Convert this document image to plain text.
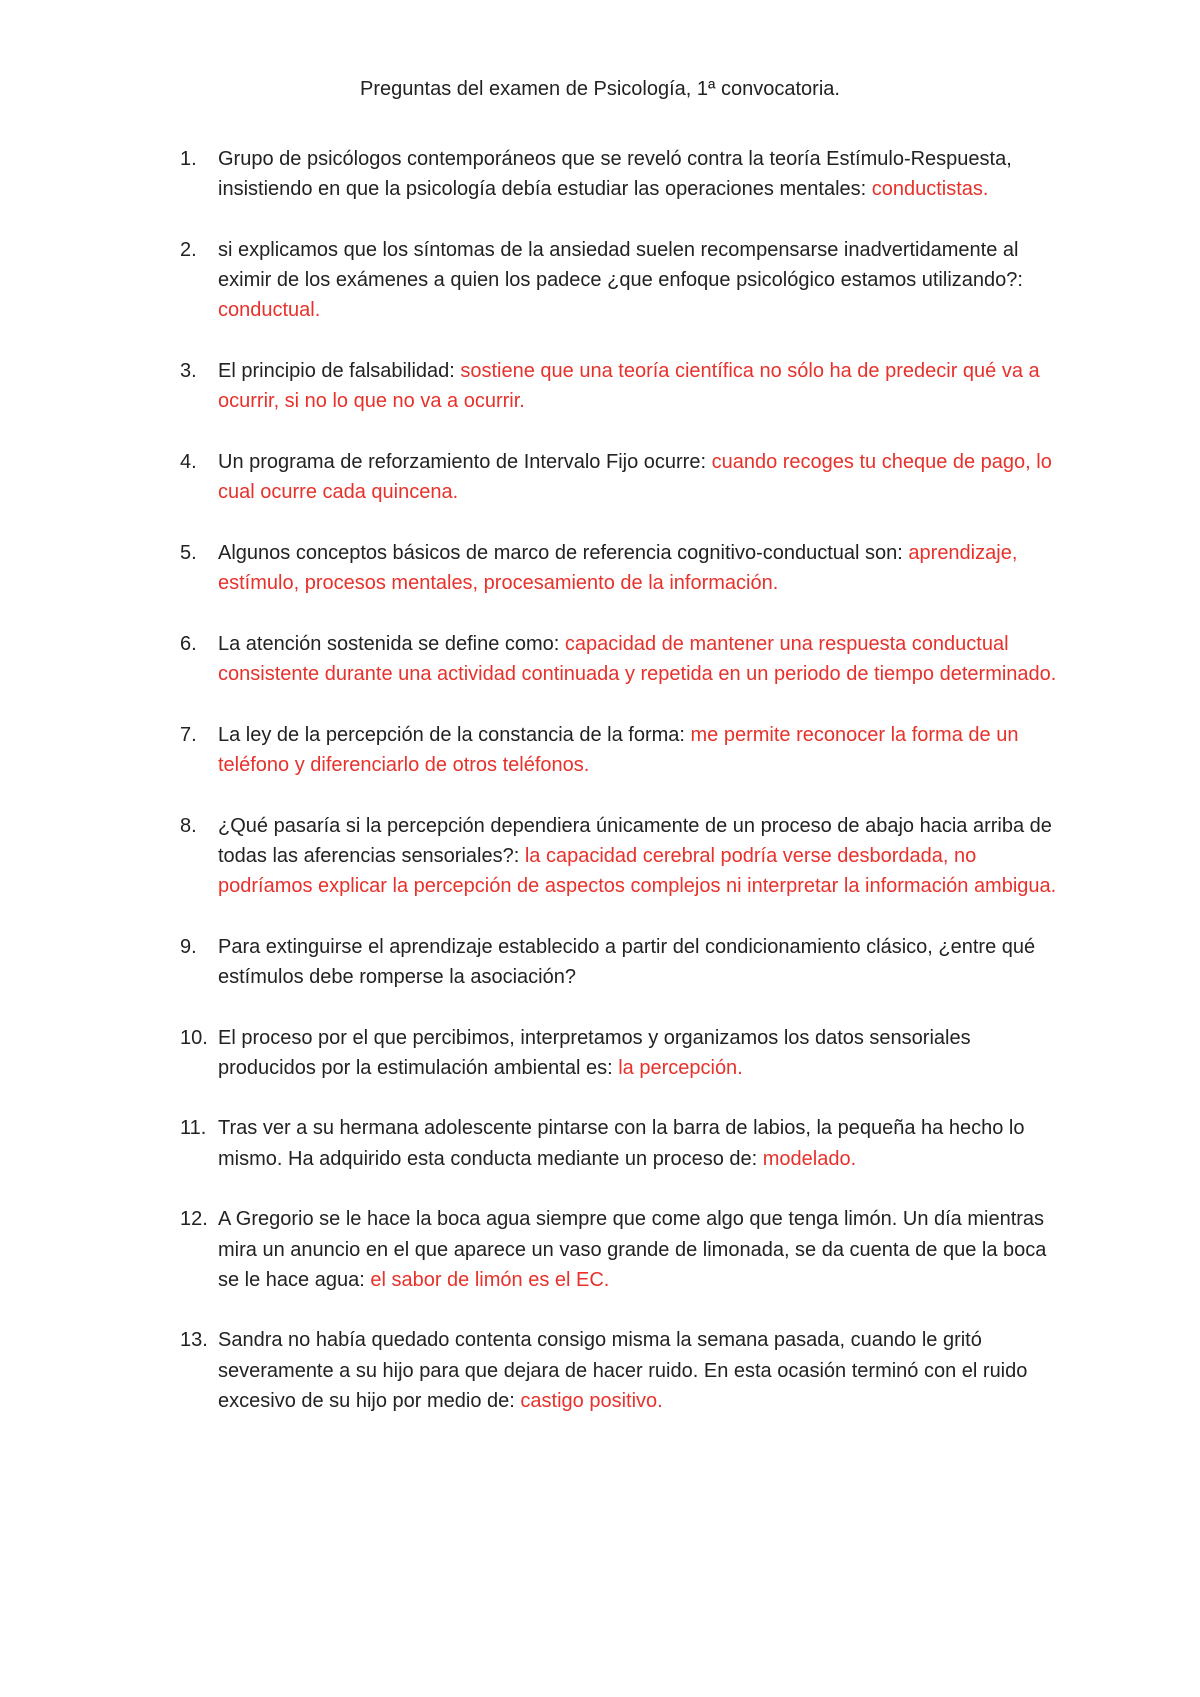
Preguntas del examen de Psicología, 1ª convocatoria.
1.	Grupo de psicólogos contemporáneos que se reveló contra la teoría Estímulo-Respuesta, insistiendo en que la psicología debía estudiar las operaciones mentales: conductistas.
2.	si explicamos que los síntomas de la ansiedad suelen recompensarse inadvertidamente al eximir de los exámenes a quien los padece ¿que enfoque psicológico estamos utilizando?: conductual.
3.	El principio de falsabilidad: sostiene que una teoría científica no sólo ha de predecir qué va a ocurrir, si no lo que no va a ocurrir.
4.	Un programa de reforzamiento de Intervalo Fijo ocurre: cuando recoges tu cheque de pago, lo cual ocurre cada quincena.
5.	Algunos conceptos básicos de marco de referencia cognitivo-conductual son: aprendizaje, estímulo, procesos mentales, procesamiento de la información.
6.	La atención sostenida se define como: capacidad de mantener una respuesta conductual consistente durante una actividad continuada y repetida en un periodo de tiempo determinado.
7.	La ley de la percepción de la constancia de la forma: me permite reconocer la forma de un teléfono y diferenciarlo de otros teléfonos.
8.	¿Qué pasaría si la percepción dependiera únicamente de un proceso de abajo hacia arriba de todas las aferencias sensoriales?: la capacidad cerebral podría verse desbordada, no podríamos explicar la percepción de aspectos complejos ni interpretar la información ambigua.
9.	Para extinguirse el aprendizaje establecido a partir del condicionamiento clásico, ¿entre qué estímulos debe romperse la asociación?
10. El proceso por el que percibimos, interpretamos y organizamos los datos sensoriales producidos por la estimulación ambiental es: la percepción.
11. Tras ver a su hermana adolescente pintarse con la barra de labios, la pequeña ha hecho lo mismo. Ha adquirido esta conducta mediante un proceso de: modelado.
12. A Gregorio se le hace la boca agua siempre que come algo que tenga limón. Un día mientras mira un anuncio en el que aparece un vaso grande de limonada, se da cuenta de que la boca se le hace agua: el sabor de limón es el EC.
13. Sandra no había quedado contenta consigo misma la semana pasada, cuando le gritó severamente a su hijo para que dejara de hacer ruido. En esta ocasión terminó con el ruido excesivo de su hijo por medio de: castigo positivo.
